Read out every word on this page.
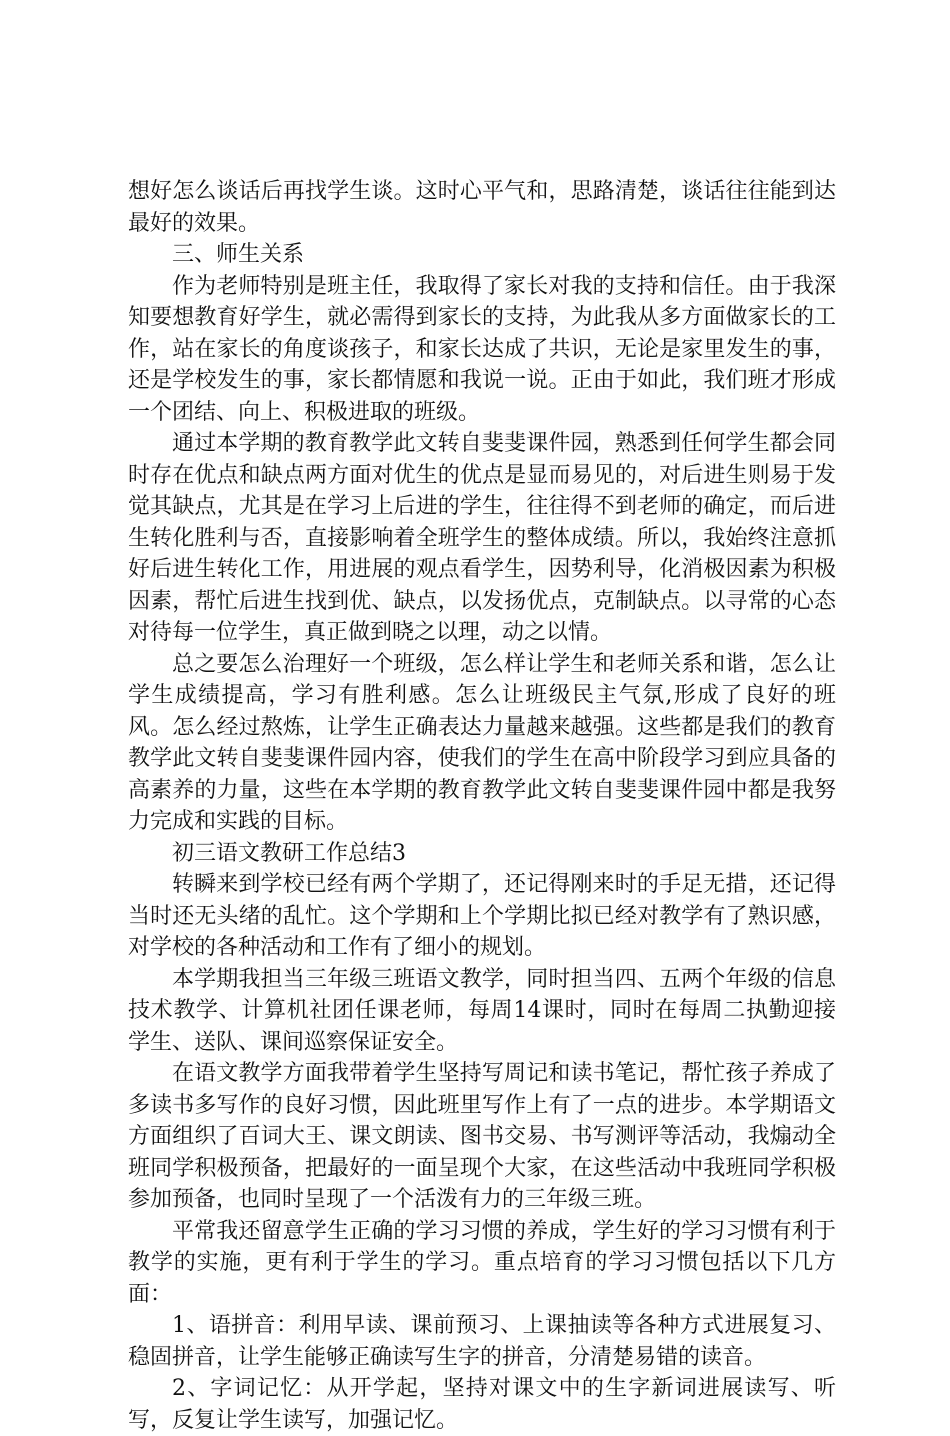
想好怎么谈话后再找学生谈。这时心平气和，思路清楚，谈话往往能到达最好的效果。

三、师生关系

作为老师特别是班主任，我取得了家长对我的支持和信任。由于我深知要想教育好学生，就必需得到家长的支持，为此我从多方面做家长的工作，站在家长的角度谈孩子，和家长达成了共识，无论是家里发生的事，还是学校发生的事，家长都情愿和我说一说。正由于如此，我们班才形成一个团结、向上、积极进取的班级。

通过本学期的教育教学此文转自斐斐课件园，熟悉到任何学生都会同时存在优点和缺点两方面对优生的优点是显而易见的，对后进生则易于发觉其缺点，尤其是在学习上后进的学生，往往得不到老师的确定，而后进生转化胜利与否，直接影响着全班学生的整体成绩。所以，我始终注意抓好后进生转化工作，用进展的观点看学生，因势利导，化消极因素为积极因素，帮忙后进生找到优、缺点，以发扬优点，克制缺点。以寻常的心态对待每一位学生，真正做到晓之以理，动之以情。

总之要怎么治理好一个班级，怎么样让学生和老师关系和谐，怎么让学生成绩提高，学习有胜利感。怎么让班级民主气氛,形成了良好的班风。怎么经过熬炼，让学生正确表达力量越来越强。这些都是我们的教育教学此文转自斐斐课件园内容，使我们的学生在高中阶段学习到应具备的高素养的力量，这些在本学期的教育教学此文转自斐斐课件园中都是我努力完成和实践的目标。

初三语文教研工作总结3

转瞬来到学校已经有两个学期了，还记得刚来时的手足无措，还记得当时还无头绪的乱忙。这个学期和上个学期比拟已经对教学有了熟识感，对学校的各种活动和工作有了细小的规划。

本学期我担当三年级三班语文教学，同时担当四、五两个年级的信息技术教学、计算机社团任课老师，每周14课时，同时在每周二执勤迎接学生、送队、课间巡察保证安全。

在语文教学方面我带着学生坚持写周记和读书笔记，帮忙孩子养成了多读书多写作的良好习惯，因此班里写作上有了一点的进步。本学期语文方面组织了百词大王、课文朗读、图书交易、书写测评等活动，我煽动全班同学积极预备，把最好的一面呈现个大家，在这些活动中我班同学积极参加预备，也同时呈现了一个活泼有力的三年级三班。

平常我还留意学生正确的学习习惯的养成，学生好的学习习惯有利于教学的实施，更有利于学生的学习。重点培育的学习习惯包括以下几方面：

1、语拼音：利用早读、课前预习、上课抽读等各种方式进展复习、稳固拼音，让学生能够正确读写生字的拼音，分清楚易错的读音。

2、字词记忆：从开学起，坚持对课文中的生字新词进展读写、听写，反复让学生读写，加强记忆。
